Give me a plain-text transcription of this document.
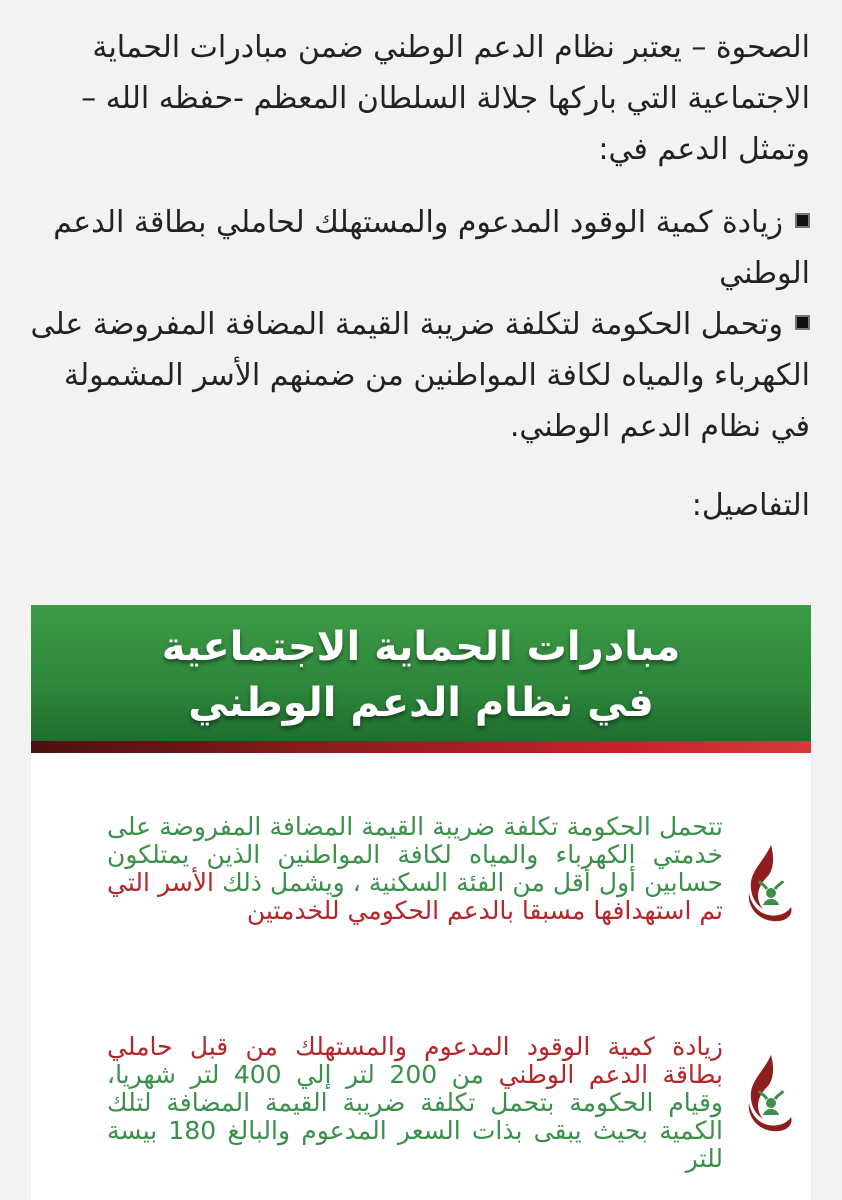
الصحوة – يعتبر نظام الدعم الوطني ضمن مبادرات الحماية الاجتماعية التي باركها جلالة السلطان المعظم -حفظه الله – وتمثل الدعم في:

زيادة كمية الوقود المدعوم والمستهلك لحاملي بطاقة الدعم الوطني
وتحمل الحكومة لتكلفة ضريبة القيمة المضافة المفروضة على الكهرباء والمياه لكافة المواطنين من ضمنهم الأسر المشمولة في نظام الدعم الوطني.

التفاصيل:

مبادرات الحماية الاجتماعية
في نظام الدعم الوطني
تتحمل الحكومة تكلفة ضريبة القيمة المضافة المفروضة على خدمتي الكهرباء والمياه لكافة المواطنين الذين يمتلكون حسابين أول أقل من الفئة السكنية ، ويشمل ذلك الأسر التي تم استهدافها مسبقا بالدعم الحكومي للخدمتين
زيادة كمية الوقود المدعوم والمستهلك من قبل حاملي بطاقة الدعم الوطني من 200 لتر إلي 400 لتر شهريا، وقيام الحكومة بتحمل تكلفة ضريبة القيمة المضافة لتلك الكمية بحيث يبقى بذات السعر المدعوم والبالغ 180 بيسة للتر
